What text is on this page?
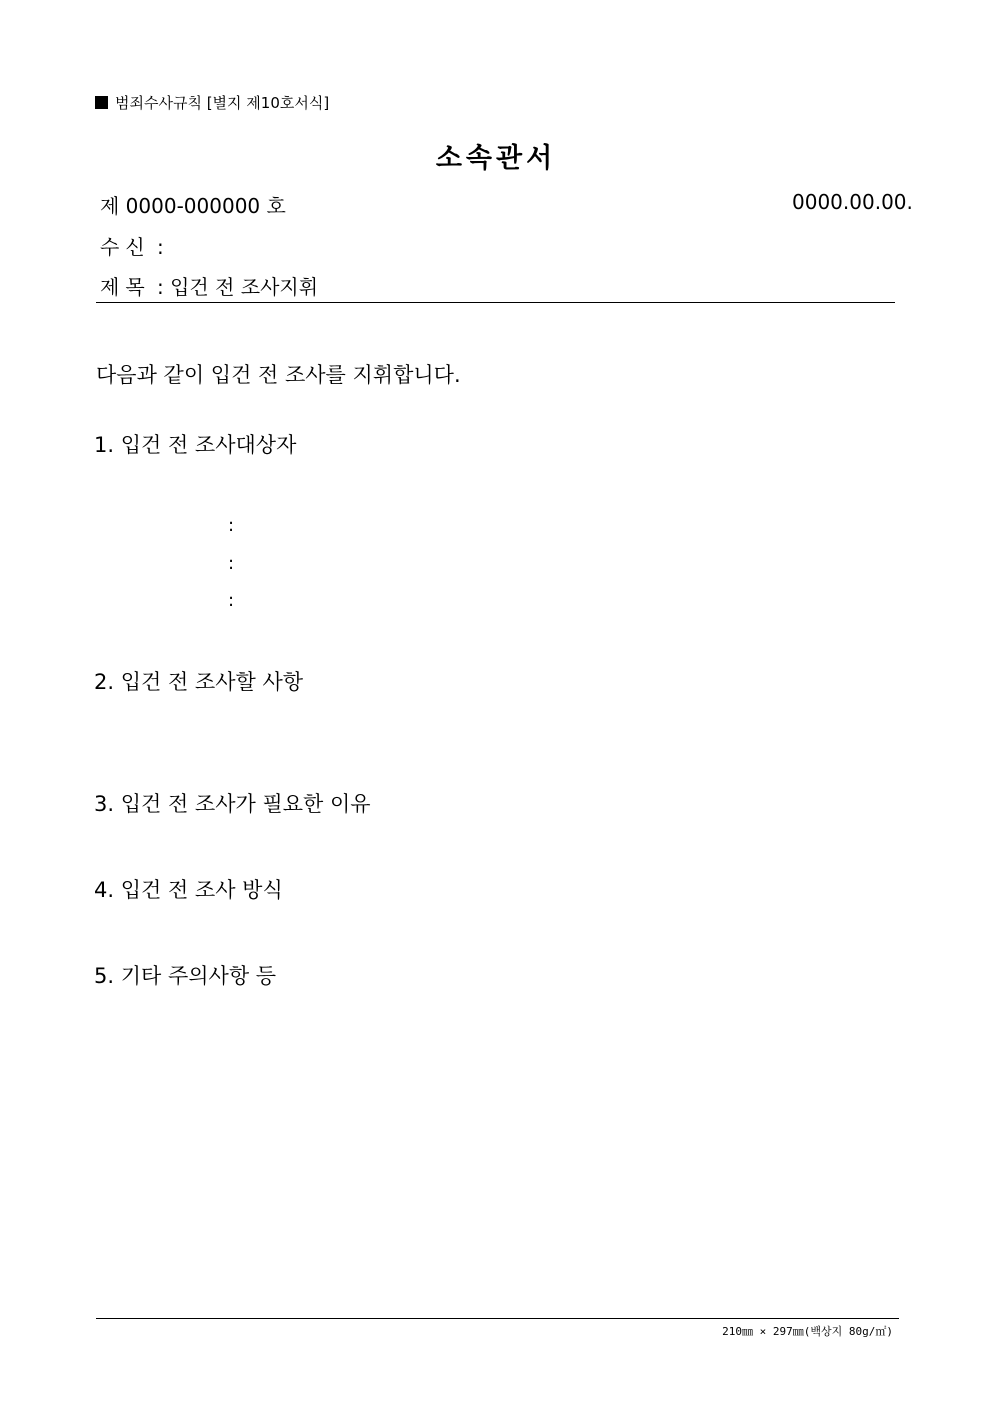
범죄수사규칙 [별지 제10호서식]
소속관서
제 0000-000000 호	0000.00.00.
수신 :
제목 : 입건 전 조사지휘
다음과 같이 입건 전 조사를 지휘합니다.
1. 입건 전 조사대상자
:
:
:
2. 입건 전 조사할 사항
3. 입건 전 조사가 필요한 이유
4. 입건 전 조사 방식
5. 기타 주의사항 등
210㎜ × 297㎜(백상지 80g/㎡)
